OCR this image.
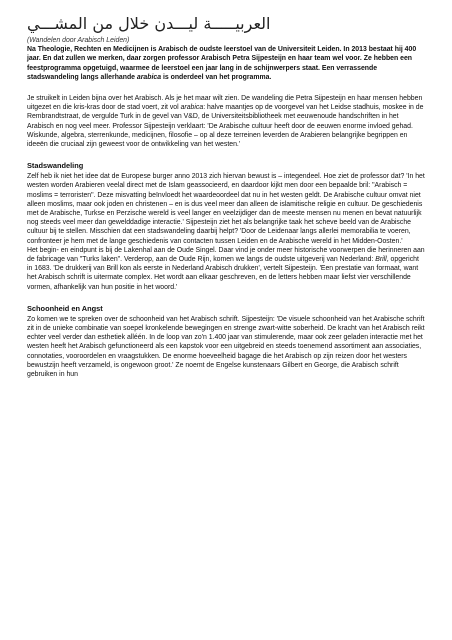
العربيـــــة ليـــدن خلال من المشـــي

(Wandelen door Arabisch Leiden)

Na Theologie, Rechten en Medicijnen is Arabisch de oudste leerstoel van de Universiteit Leiden. In 2013 bestaat hij 400 jaar. En dat zullen we merken, daar zorgen professor Arabisch Petra Sijpesteijn en haar team wel voor. Ze hebben een feestprogramma opgetuigd, waarmee de leerstoel een jaar lang in de schijnwerpers staat. Een verrassende stadswandeling langs allerhande arabica is onderdeel van het programma.

Je struikelt in Leiden bijna over het Arabisch. Als je het maar wilt zien. De wandeling die Petra Sijpesteijn en haar mensen hebben uitgezet en die kris-kras door de stad voert, zit vol arabica: halve maantjes op de voorgevel van het Leidse stadhuis, moskee in de Rembrandtstraat, de vergulde Turk in de gevel van V&D, de Universiteitsbibliotheek met eeuwenoude handschriften in het Arabisch en nog veel meer. Professor Sijpesteijn verklaart: 'De Arabische cultuur heeft door de eeuwen enorme invloed gehad. Wiskunde, algebra, sterrenkunde, medicijnen, filosofie – op al deze terreinen leverden de Arabieren belangrijke begrippen en ideeën die cruciaal zijn geweest voor de ontwikkeling van het westen.'

Stadswandeling

Zelf heb ik niet het idee dat de Europese burger anno 2013 zich hiervan bewust is – integendeel. Hoe ziet de professor dat? 'In het westen worden Arabieren veelal direct met de Islam geassocieerd, en daardoor kijkt men door een bepaalde bril: "Arabisch = moslims = terroristen". Deze misvatting beïnvloedt het waardeoordeel dat nu in het westen geldt. De Arabische cultuur omvat niet alleen moslims, maar ook joden en christenen – en is dus veel meer dan alleen de islamitische religie en cultuur. De geschiedenis met de Arabische, Turkse en Perzische wereld is veel langer en veelzijdiger dan de meeste mensen nu menen en bevat natuurlijk nog steeds veel meer dan gewelddadige interactie.' Sijpesteijn ziet het als belangrijke taak het scheve beeld van de Arabische cultuur bij te stellen. Misschien dat een stadswandeling daarbij helpt? 'Door de Leidenaar langs allerlei memorabilia te voeren, confronteer je hem met de lange geschiedenis van contacten tussen Leiden en de Arabische wereld in het Midden-Oosten.'

Het begin- en eindpunt is bij de Lakenhal aan de Oude Singel. Daar vind je onder meer historische voorwerpen die herinneren aan de fabricage van "Turks laken". Verderop, aan de Oude Rijn, komen we langs de oudste uitgeverij van Nederland: Brill, opgericht in 1683. 'De drukkerij van Brill kon als eerste in Nederland Arabisch drukken', vertelt Sijpesteijn. 'Een prestatie van formaat, want het Arabisch schrift is uitermate complex. Het wordt aan elkaar geschreven, en de letters hebben maar liefst vier verschillende vormen, afhankelijk van hun positie in het woord.'

Schoonheid en Angst

Zo komen we te spreken over de schoonheid van het Arabisch schrift. Sijpesteijn: 'De visuele schoonheid van het Arabische schrift zit in de unieke combinatie van soepel kronkelende bewegingen en strenge zwart-witte soberheid. De kracht van het Arabisch reikt echter veel verder dan esthetiek alléén. In de loop van zo'n 1.400 jaar van stimulerende, maar ook zeer geladen interactie met het westen heeft het Arabisch gefunctioneerd als een kapstok voor een uitgebreid en steeds toenemend assortiment aan associaties, connotaties, vooroordelen en vraagstukken. De enorme hoeveelheid bagage die het Arabisch op zijn reizen door het westers bewustzijn heeft verzameld, is ongewoon groot.' Ze noemt de Engelse kunstenaars Gilbert en George, die Arabisch schrift gebruiken in hun
